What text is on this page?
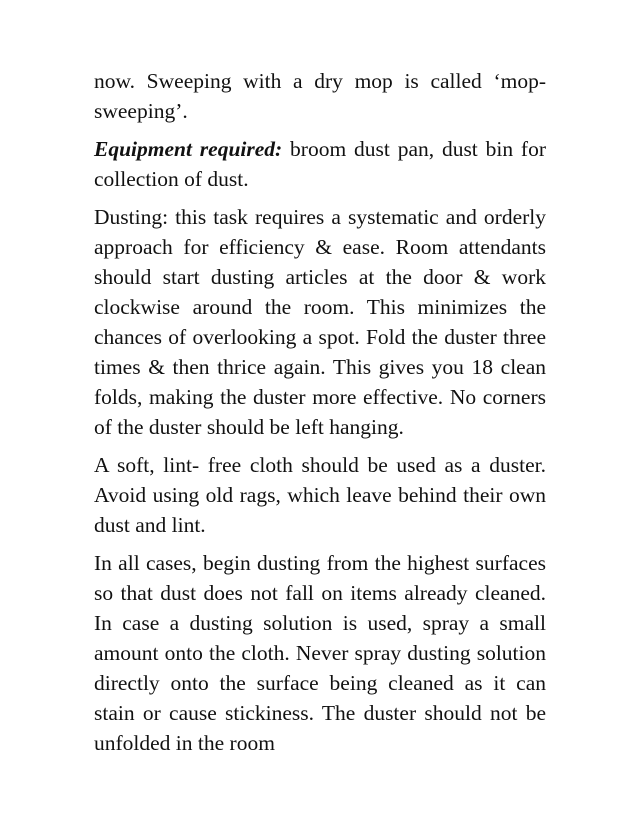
now. Sweeping with a dry mop is called ‘mop-sweeping’.

Equipment required: broom dust pan, dust bin for collection of dust.

Dusting: this task requires a systematic and orderly approach for efficiency & ease. Room attendants should start dusting articles at the door & work clockwise around the room. This minimizes the chances of overlooking a spot. Fold the duster three times & then thrice again. This gives you 18 clean folds, making the duster more effective. No corners of the duster should be left hanging.

A soft, lint- free cloth should be used as a duster. Avoid using old rags, which leave behind their own dust and lint.

In all cases, begin dusting from the highest surfaces so that dust does not fall on items already cleaned. In case a dusting solution is used, spray a small amount onto the cloth. Never spray dusting solution directly onto the surface being cleaned as it can stain or cause stickiness. The duster should not be unfolded in the room
